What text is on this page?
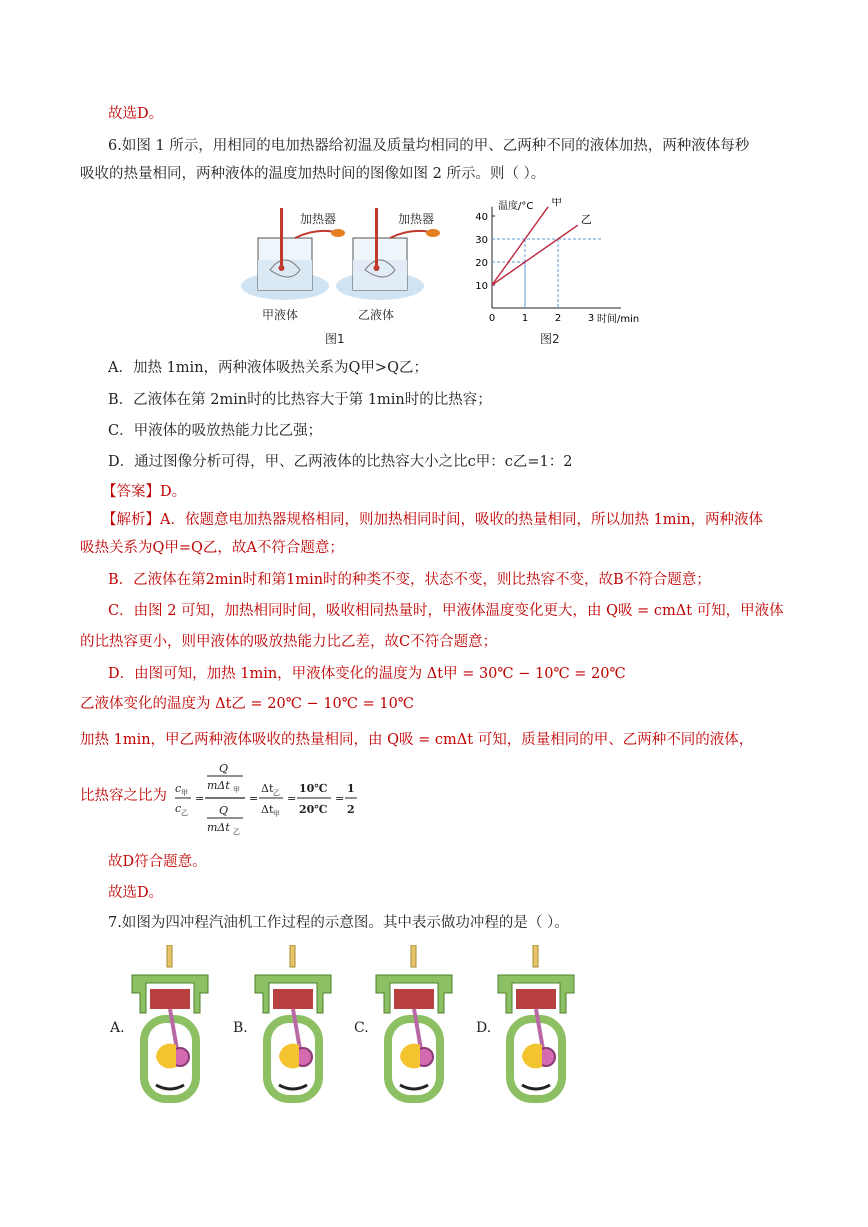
故选D。
6.如图 1 所示，用相同的电加热器给初温及质量均相同的甲、乙两种不同的液体加热，两种液体每秒
吸收的热量相同，两种液体的温度加热时间的图像如图 2 所示。则（ ）。
加热器	加热器
甲液体	乙液体
图1
10
20
30
40
0	1	2	3
温度/°C
时间/min
甲
乙
图2
A．加热 1min，两种液体吸热关系为Q甲>Q乙；
B．乙液体在第 2min时的比热容大于第 1min时的比热容；
C．甲液体的吸放热能力比乙强；
D．通过图像分析可得，甲、乙两液体的比热容大小之比c甲：c乙=1：2
【答案】D。
【解析】A．依题意电加热器规格相同，则加热相同时间，吸收的热量相同，所以加热 1min，两种液体
吸热关系为Q甲=Q乙，故A不符合题意；
B．乙液体在第2min时和第1min时的种类不变，状态不变，则比热容不变，故B不符合题意；
C．由图 2 可知，加热相同时间，吸收相同热量时，甲液体温度变化更大，由 Q吸 = cmΔt 可知，甲液体
的比热容更小，则甲液体的吸放热能力比乙差，故C不符合题意；
D．由图可知，加热 1min，甲液体变化的温度为 Δt甲 = 30℃ − 10℃ = 20℃
乙液体变化的温度为 Δt乙 = 20℃ − 10℃ = 10℃
加热 1min，甲乙两种液体吸收的热量相同，由 Q吸 = cmΔt 可知，质量相同的甲、乙两种不同的液体，
比热容之比为 c 甲
c 乙
=
Q
mΔt 甲
Q
mΔt 乙
=
Δt 乙
Δt 甲
=
10℃
20℃
=
1
2
故D符合题意。
故选D。
7.如图为四冲程汽油机工作过程的示意图。其中表示做功冲程的是（ ）。
A.	B.	C.	D.
